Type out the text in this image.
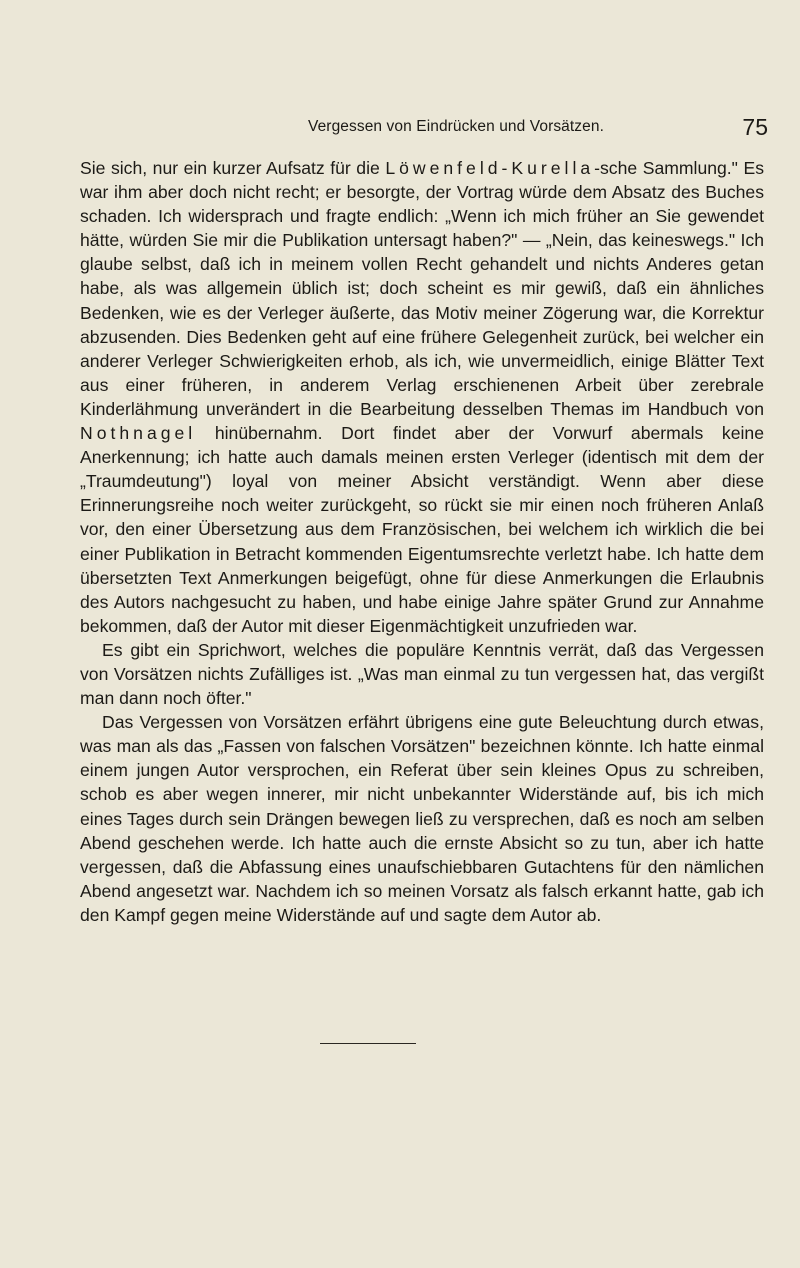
Vergessen von Eindrücken und Vorsätzen.	75

Sie sich, nur ein kurzer Aufsatz für die Löwenfeld-Kurella-sche Sammlung." Es war ihm aber doch nicht recht; er besorgte, der Vortrag würde dem Absatz des Buches schaden. Ich widersprach und fragte endlich: „Wenn ich mich früher an Sie gewendet hätte, würden Sie mir die Publikation untersagt haben?" — „Nein, das keineswegs." Ich glaube selbst, daß ich in meinem vollen Recht gehandelt und nichts Anderes getan habe, als was allgemein üblich ist; doch scheint es mir gewiß, daß ein ähnliches Bedenken, wie es der Verleger äußerte, das Motiv meiner Zögerung war, die Korrektur abzusenden. Dies Bedenken geht auf eine frühere Gelegenheit zurück, bei welcher ein anderer Verleger Schwierigkeiten erhob, als ich, wie unvermeidlich, einige Blätter Text aus einer früheren, in anderem Verlag erschienenen Arbeit über zerebrale Kinderlähmung unverändert in die Bearbeitung desselben Themas im Handbuch von Nothnagel hinübernahm. Dort findet aber der Vorwurf abermals keine Anerkennung; ich hatte auch damals meinen ersten Verleger (identisch mit dem der „Traumdeutung") loyal von meiner Absicht verständigt. Wenn aber diese Erinnerungsreihe noch weiter zurückgeht, so rückt sie mir einen noch früheren Anlaß vor, den einer Übersetzung aus dem Französischen, bei welchem ich wirklich die bei einer Publikation in Betracht kommenden Eigentumsrechte verletzt habe. Ich hatte dem übersetzten Text Anmerkungen beigefügt, ohne für diese Anmerkungen die Erlaubnis des Autors nachgesucht zu haben, und habe einige Jahre später Grund zur Annahme bekommen, daß der Autor mit dieser Eigenmächtigkeit unzufrieden war.

Es gibt ein Sprichwort, welches die populäre Kenntnis verrät, daß das Vergessen von Vorsätzen nichts Zufälliges ist. „Was man einmal zu tun vergessen hat, das vergißt man dann noch öfter."

Das Vergessen von Vorsätzen erfährt übrigens eine gute Beleuchtung durch etwas, was man als das „Fassen von falschen Vorsätzen" bezeichnen könnte. Ich hatte einmal einem jungen Autor versprochen, ein Referat über sein kleines Opus zu schreiben, schob es aber wegen innerer, mir nicht unbekannter Widerstände auf, bis ich mich eines Tages durch sein Drängen bewegen ließ zu versprechen, daß es noch am selben Abend geschehen werde. Ich hatte auch die ernste Absicht so zu tun, aber ich hatte vergessen, daß die Abfassung eines unaufschiebbaren Gutachtens für den nämlichen Abend angesetzt war. Nachdem ich so meinen Vorsatz als falsch erkannt hatte, gab ich den Kampf gegen meine Widerstände auf und sagte dem Autor ab.
